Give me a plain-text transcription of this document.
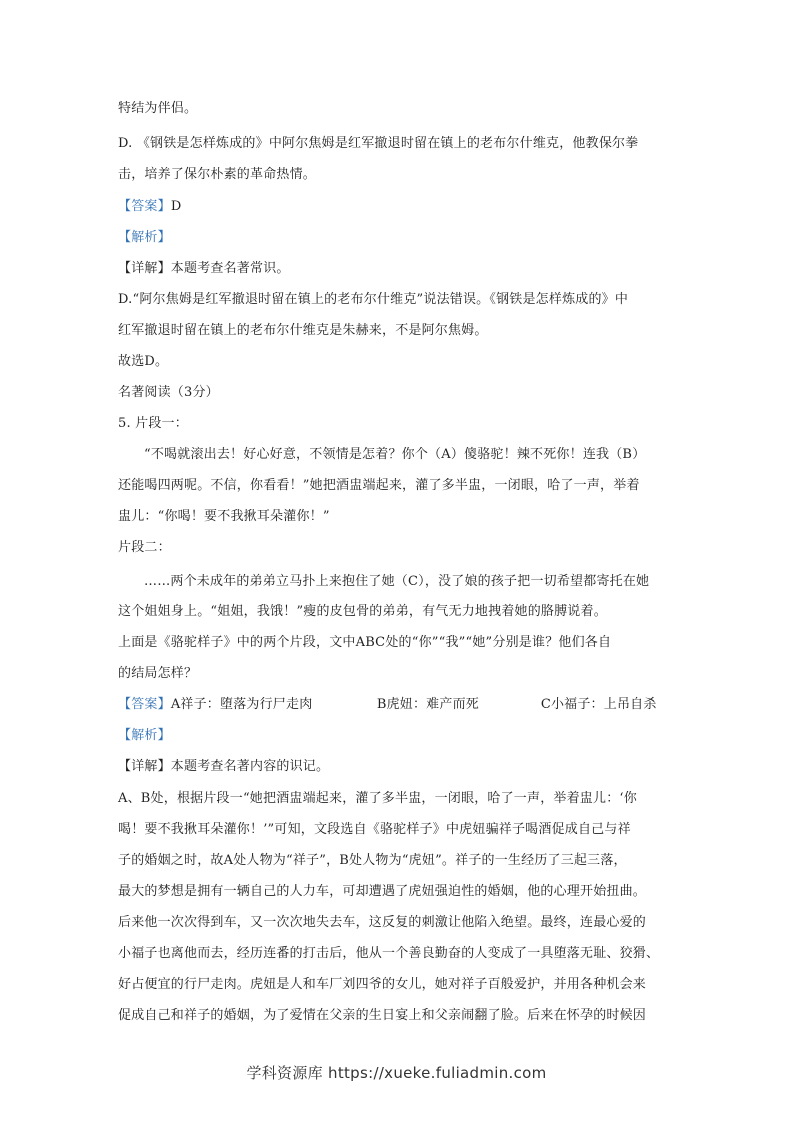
特结为伴侣。
D. 《钢铁是怎样炼成的》中阿尔焦姆是红军撤退时留在镇上的老布尔什维克，他教保尔拳
击，培养了保尔朴素的革命热情。
【答案】D
【解析】
【详解】本题考查名著常识。
D.“阿尔焦姆是红军撤退时留在镇上的老布尔什维克”说法错误。《钢铁是怎样炼成的》中
红军撤退时留在镇上的老布尔什维克是朱赫来，不是阿尔焦姆。
故选D。
名著阅读（3分）
5. 片段一：
“不喝就滚出去！好心好意，不领情是怎着？你个（A）傻骆驼！辣不死你！连我（B）
还能喝四两呢。不信，你看看！”她把酒盅端起来，灌了多半盅，一闭眼，哈了一声，举着
盅儿：“你喝！要不我揪耳朵灌你！”
片段二：
……两个未成年的弟弟立马扑上来抱住了她（C），没了娘的孩子把一切希望都寄托在她
这个姐姐身上。“姐姐，我饿！”瘦的皮包骨的弟弟，有气无力地拽着她的胳膊说着。
上面是《骆驼样子》中的两个片段，文中ABC处的“你”“我”“她”分别是谁？他们各自
的结局怎样？
【答案】A祥子：堕落为行尸走肉	B虎妞：难产而死	C小福子：上吊自杀
【解析】
【详解】本题考查名著内容的识记。
A、B处，根据片段一“她把酒盅端起来，灌了多半盅，一闭眼，哈了一声，举着盅儿：‘你
喝！要不我揪耳朵灌你！’”可知，文段选自《骆驼样子》中虎妞骗祥子喝酒促成自己与祥
子的婚姻之时，故A处人物为“祥子”，B处人物为“虎妞”。祥子的一生经历了三起三落，
最大的梦想是拥有一辆自己的人力车，可却遭遇了虎妞强迫性的婚姻，他的心理开始扭曲。
后来他一次次得到车，又一次次地失去车，这反复的刺激让他陷入绝望。最终，连最心爱的
小福子也离他而去，经历连番的打击后，他从一个善良勤奋的人变成了一具堕落无耻、狡猾、
好占便宜的行尸走肉。虎妞是人和车厂刘四爷的女儿，她对祥子百般爱护，并用各种机会来
促成自己和祥子的婚姻，为了爱情在父亲的生日宴上和父亲闹翻了脸。后来在怀孕的时候因
学科资源库 https://xueke.fuliadmin.com
